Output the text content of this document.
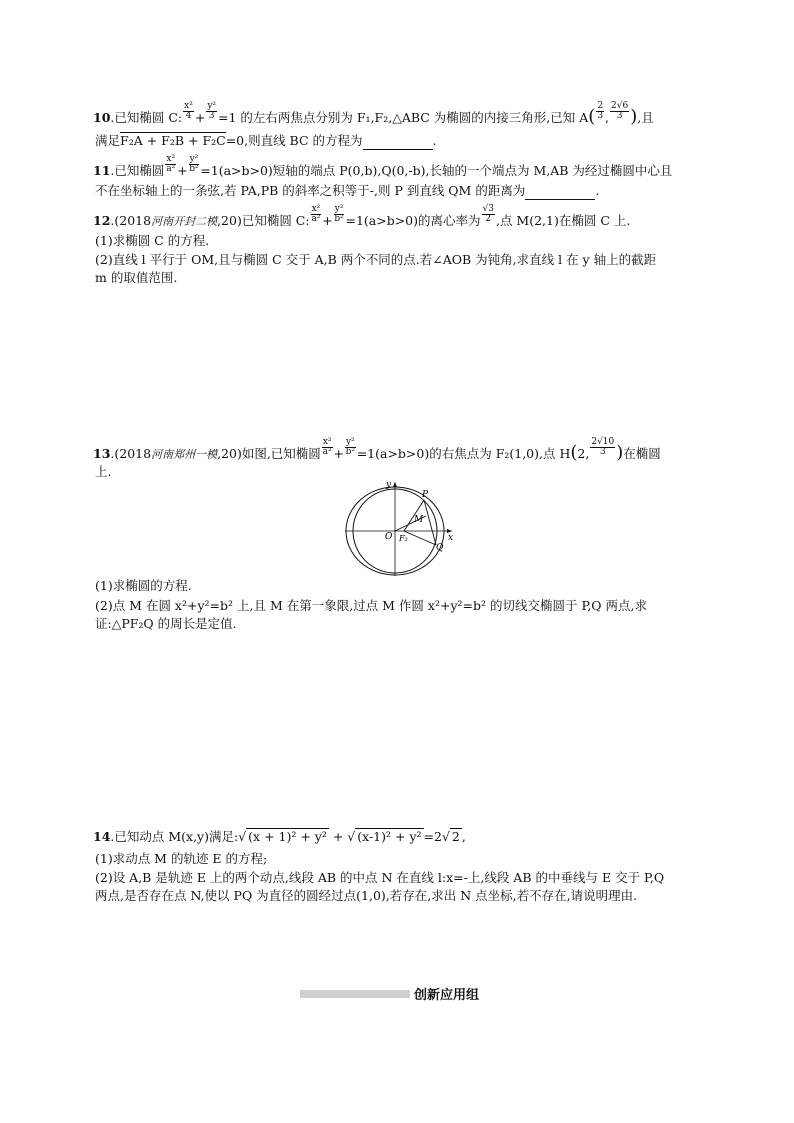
10.已知椭圆 C: $\frac{\text{x²}}{4} + \frac{\text{y²}}{3} =1$ 的左右两焦点分别为 F₁,F₂,△ABC 为椭圆的内接三角形,已知 $A( \frac{2}{3}$ , $\frac{2√6}{3}$ ),且
满足F₂A + F₂B + F₂C=0,则直线 BC 的方程为	.
11.已知椭圆 $\frac{\text{x²}}{\text{a²}} + \frac{\text{y²}}{\text{b²}} =1(a>b>0)$短轴的端点 P(0,b),Q(0,-b),长轴的一个端点为 M,AB 为经过椭圆中心且
不在坐标轴上的一条弦,若 PA,PB 的斜率之积等于-,则 P 到直线 QM 的距离为	.
12.(2018河南开封二模,20)已知椭圆 C: $\frac{\text{x²}}{\text{a²}} + \frac{\text{y²}}{\text{b²}} =1(a>b>0)$的离心率为 $\frac{√3}{2}$ ,点 M(2,1)在椭圆 C 上.
(1)求椭圆 C 的方程.
(2)直线 l 平行于 OM,且与椭圆 C 交于 A,B 两个不同的点.若∠AOB 为钝角,求直线 l 在 y 轴上的截距
m 的取值范围.
13.(2018河南郑州一模,20)如图,已知椭圆 $\frac{\text{x²}}{\text{a²}} + \frac{\text{y²}}{\text{b²}} =1(a>b>0)$的右焦点为 F₂(1,0),点 H(2, $\frac{2√10}{3}$ )在椭圆
上.
y
x
O F₂
P
M
Q
(1)求椭圆的方程.
(2)点 M 在圆 x²+y²=b² 上,且 M 在第一象限,过点 M 作圆 x²+y²=b² 的切线交椭圆于 P,Q 两点,求
证:△PF₂Q 的周长是定值.
14.已知动点 M(x,y)满足:√ (x + 1)² + y² + √ (x-1)² + y² =2√ 2 ,
(1)求动点 M 的轨迹 E 的方程;
(2)设 A,B 是轨迹 E 上的两个动点,线段 AB 的中点 N 在直线 l:x=-上,线段 AB 的中垂线与 E 交于 P,Q
两点,是否存在点 N,使以 PQ 为直径的圆经过点(1,0),若存在,求出 N 点坐标,若不存在,请说明理由.
创新应用组
